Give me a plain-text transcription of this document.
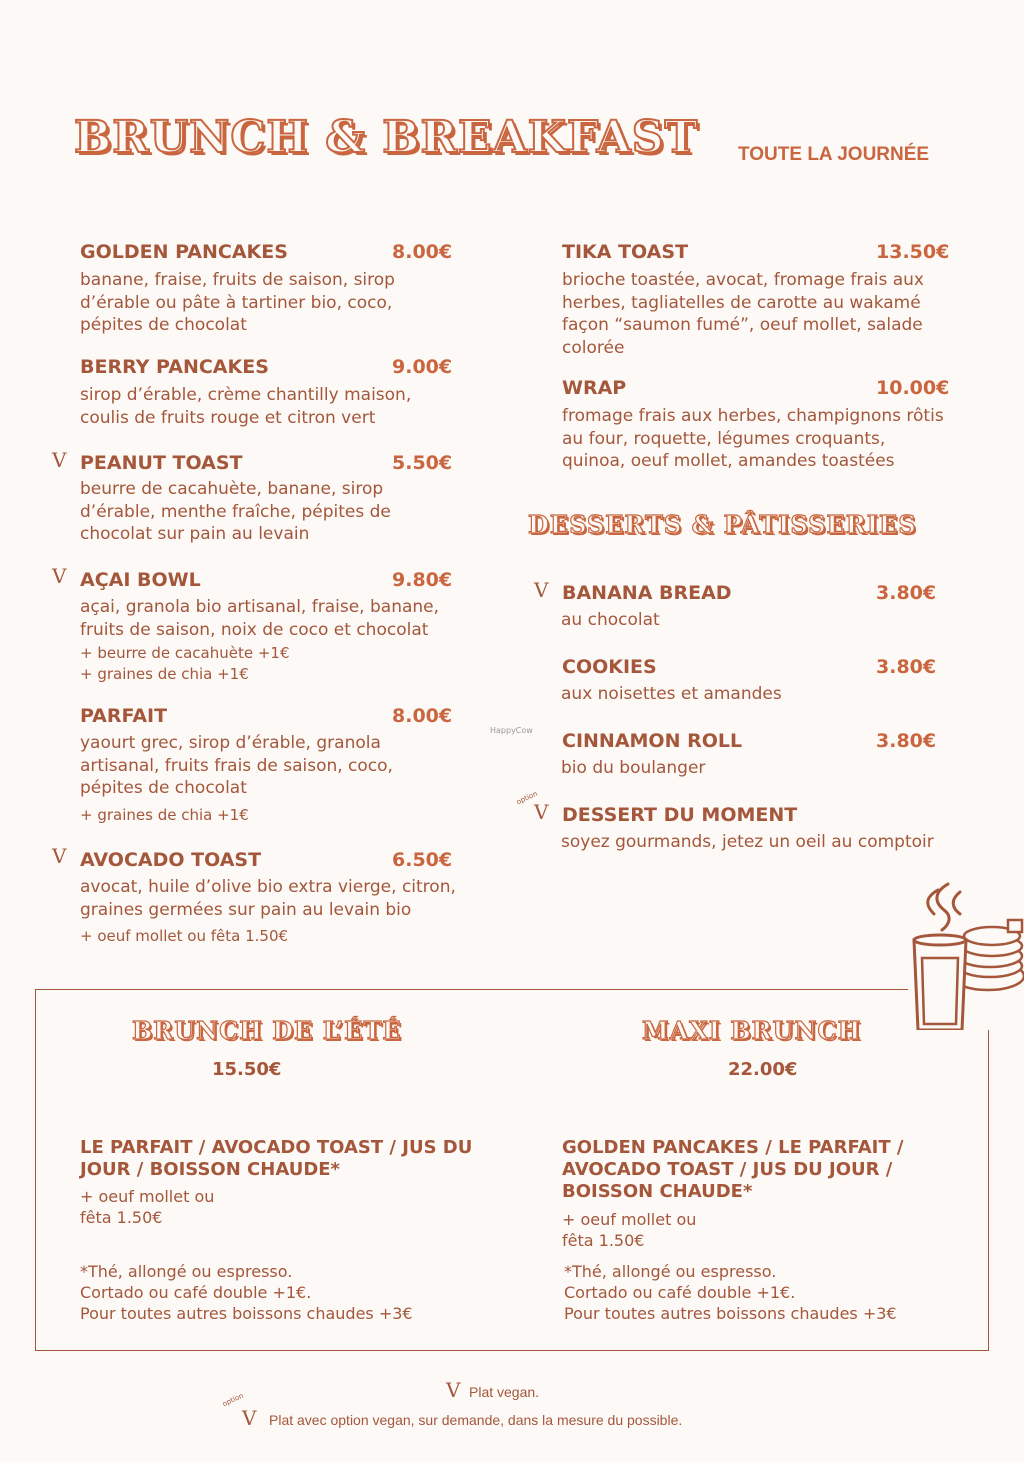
BRUNCH & BREAKFAST TOUTE LA JOURNÉE
GOLDEN PANCAKES	8.00€
banane, fraise, fruits de saison, sirop d’érable ou pâte à tartiner bio, coco, pépites de chocolat
BERRY PANCAKES	9.00€
sirop d’érable, crème chantilly maison, coulis de fruits rouge et citron vert
V PEANUT TOAST	5.50€
beurre de cacahuète, banane, sirop d’érable, menthe fraîche, pépites de chocolat sur pain au levain
V AÇAI BOWL	9.80€
açai, granola bio artisanal, fraise, banane, fruits de saison, noix de coco et chocolat
+ beurre de cacahuète +1€
+ graines de chia +1€
PARFAIT	8.00€
yaourt grec, sirop d’érable, granola artisanal, fruits frais de saison, coco, pépites de chocolat
+ graines de chia +1€
V AVOCADO TOAST	6.50€
avocat, huile d’olive bio extra vierge, citron, graines germées sur pain au levain bio
+ oeuf mollet ou fêta 1.50€
TIKA TOAST	13.50€
brioche toastée, avocat, fromage frais aux herbes, tagliatelles de carotte au wakamé façon “saumon fumé”, oeuf mollet, salade colorée
WRAP	10.00€
fromage frais aux herbes, champignons rôtis au four, roquette, légumes croquants, quinoa, oeuf mollet, amandes toastées
DESSERTS & PÂTISSERIES
V BANANA BREAD	3.80€
au chocolat
COOKIES	3.80€
aux noisettes et amandes
CINNAMON ROLL	3.80€
bio du boulanger
option
V DESSERT DU MOMENT
soyez gourmands, jetez un oeil au comptoir
HappyCow
BRUNCH DE L’ÉTÉ
15.50€
LE PARFAIT / AVOCADO TOAST / JUS DU JOUR / BOISSON CHAUDE*
+ oeuf mollet ou
fêta 1.50€
*Thé, allongé ou espresso.
Cortado ou café double +1€.
Pour toutes autres boissons chaudes +3€
MAXI BRUNCH
22.00€
GOLDEN PANCAKES / LE PARFAIT / AVOCADO TOAST / JUS DU JOUR / BOISSON CHAUDE*
+ oeuf mollet ou
fêta 1.50€
*Thé, allongé ou espresso.
Cortado ou café double +1€.
Pour toutes autres boissons chaudes +3€
V Plat vegan.
option
V Plat avec option vegan, sur demande, dans la mesure du possible.
